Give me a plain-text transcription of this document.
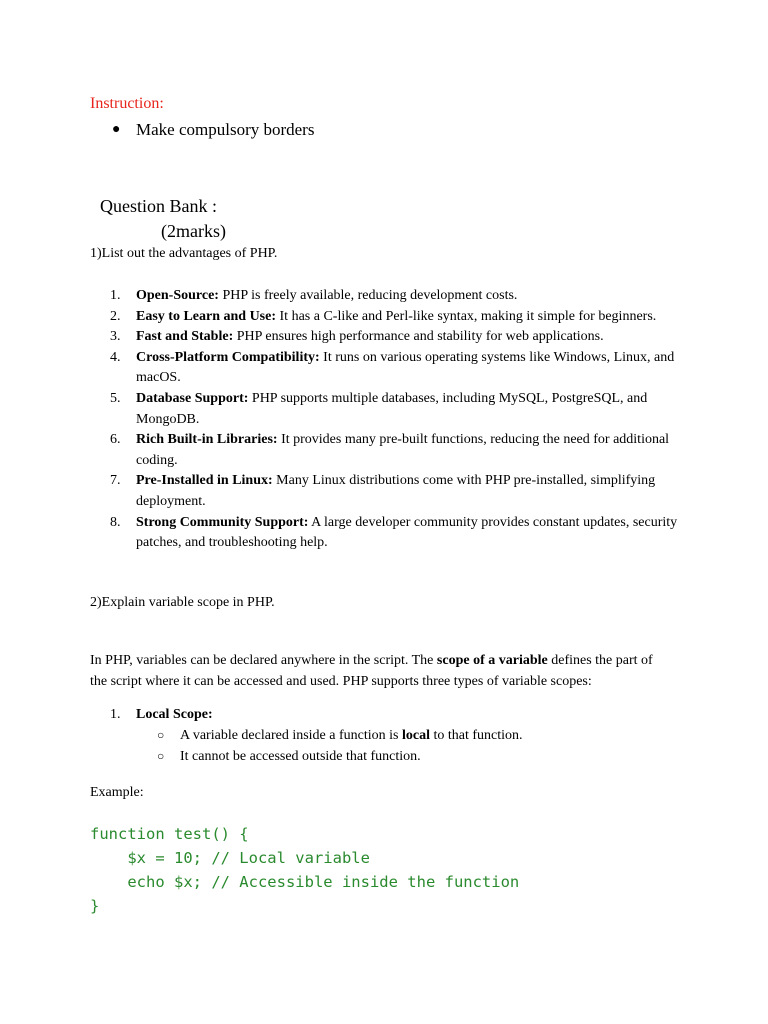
Instruction:
● Make compulsory borders
Question Bank :
(2marks)
1)List out the advantages of PHP.
1.	Open-Source: PHP is freely available, reducing development costs.
2.	Easy to Learn and Use: It has a C-like and Perl-like syntax, making it simple for beginners.
3.	Fast and Stable: PHP ensures high performance and stability for web applications.
4.	Cross-Platform Compatibility: It runs on various operating systems like Windows, Linux, and macOS.
5.	Database Support: PHP supports multiple databases, including MySQL, PostgreSQL, and MongoDB.
6.	Rich Built-in Libraries: It provides many pre-built functions, reducing the need for additional coding.
7.	Pre-Installed in Linux: Many Linux distributions come with PHP pre-installed, simplifying deployment.
8.	Strong Community Support: A large developer community provides constant updates, security patches, and troubleshooting help.
2)Explain variable scope in PHP.
In PHP, variables can be declared anywhere in the script. The scope of a variable defines the part of the script where it can be accessed and used. PHP supports three types of variable scopes:
1. Local Scope:
○ A variable declared inside a function is local to that function.
○ It cannot be accessed outside that function.
Example:
function test() {
$x = 10; // Local variable
echo $x; // Accessible inside the function
}
